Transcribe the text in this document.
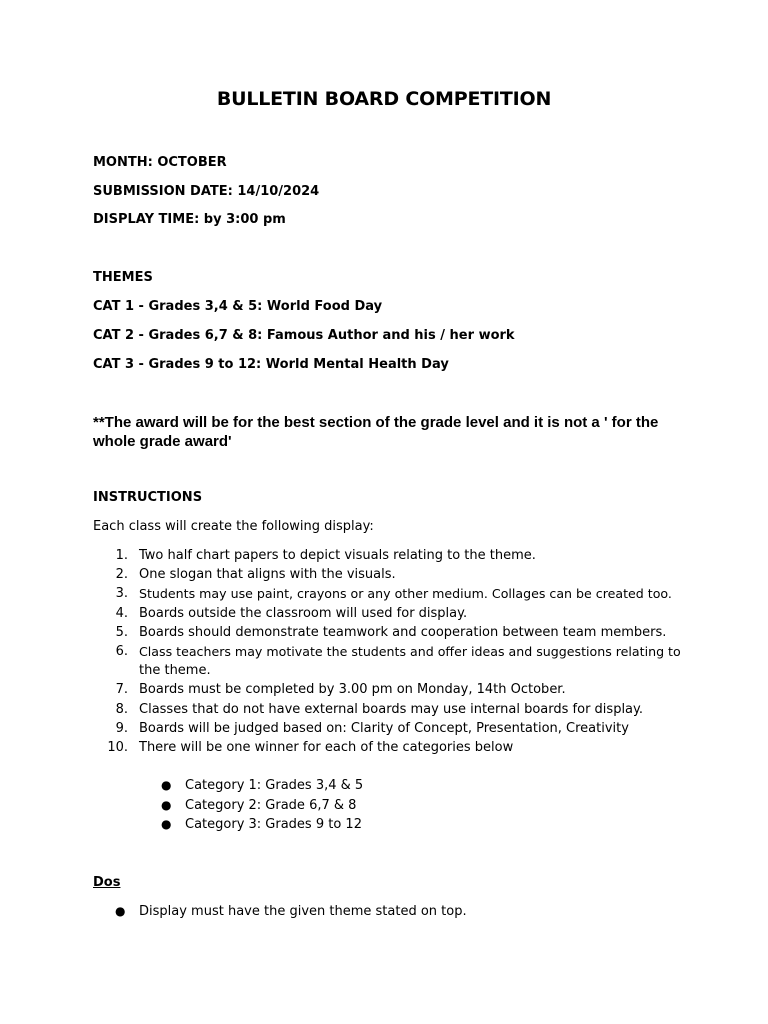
BULLETIN BOARD COMPETITION
MONTH: OCTOBER
SUBMISSION DATE: 14/10/2024
DISPLAY TIME: by 3:00 pm
THEMES
CAT 1 - Grades 3,4 & 5: World Food Day
CAT 2 - Grades 6,7 & 8: Famous Author and his / her work
CAT 3 - Grades 9 to 12: World Mental Health Day
**The award will be for the best section of the grade level and it is not a ' for the whole grade award'
INSTRUCTIONS
Each class will create the following display:
1. Two half chart papers to depict visuals relating to the theme.
2. One slogan that aligns with the visuals.
3. Students may use paint, crayons or any other medium. Collages can be created too.
4. Boards outside the classroom will used for display.
5. Boards should demonstrate teamwork and cooperation between team members.
6. Class teachers may motivate the students and offer ideas and suggestions relating to
the theme.
7. Boards must be completed by 3.00 pm on Monday, 14th October.
8. Classes that do not have external boards may use internal boards for display.
9. Boards will be judged based on: Clarity of Concept, Presentation, Creativity
10. There will be one winner for each of the categories below
● Category 1: Grades 3,4 & 5
● Category 2: Grade 6,7 & 8
● Category 3: Grades 9 to 12
Dos
● Display must have the given theme stated on top.
